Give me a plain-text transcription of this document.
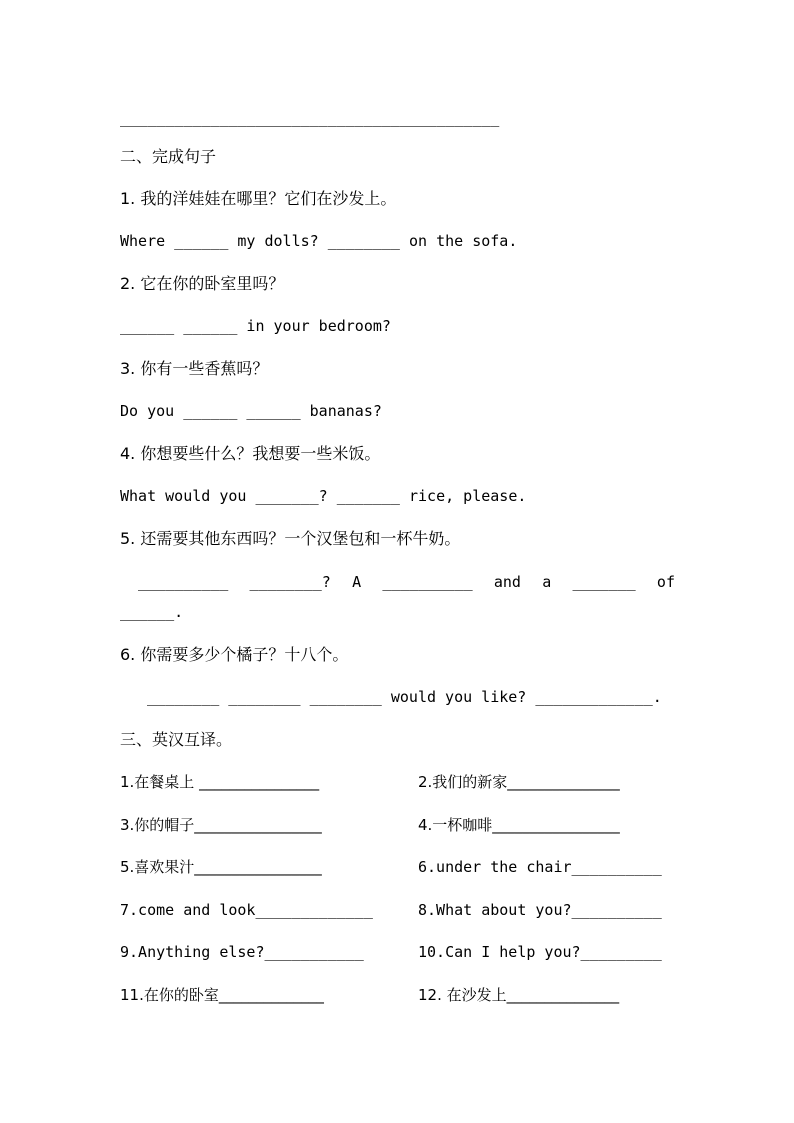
__________________________________________
二、完成句子
1. 我的洋娃娃在哪里？它们在沙发上。
Where ______ my dolls? ________ on the sofa.
2. 它在你的卧室里吗？
______ ______ in your bedroom?
3. 你有一些香蕉吗？
Do you ______ ______ bananas?
4. 你想要些什么？我想要一些米饭。
What would you _______? _______ rice, please.
5. 还需要其他东西吗？一个汉堡包和一杯牛奶。
__________ ________? A __________ and a _______ of
______.
6. 你需要多少个橘子？十八个。
________ ________ ________ would you like? _____________.
三、英汉互译。
1.在餐桌上 ________________	2.我们的新家_______________
3.你的帽子_________________	4.一杯咖啡_________________
5.喜欢果汁_________________	6.under the chair__________
7.come and look_____________	8.What about you?__________
9.Anything else?___________	10.Can I help you?_________
11.在你的卧室______________	12. 在沙发上_______________
